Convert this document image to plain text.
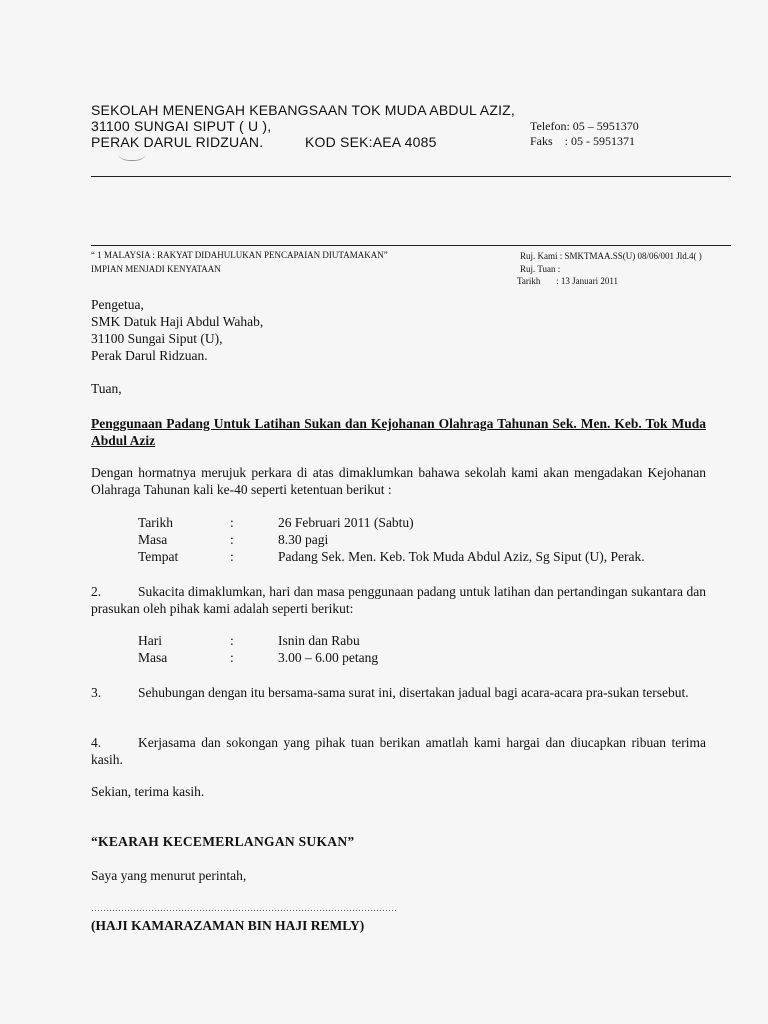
SEKOLAH MENENGAH KEBANGSAAN TOK MUDA ABDUL AZIZ,
31100 SUNGAI SIPUT ( U ),
PERAK DARUL RIDZUAN.	KOD SEK:AEA 4085
Telefon: 05 – 5951370
Faks    : 05 - 5951371
“ 1 MALAYSIA : RAKYAT DIDAHULUKAN PENCAPAIAN DIUTAMAKAN”
IMPIAN MENJADI KENYATAAN
Ruj. Kami : SMKTMAA.SS(U) 08/06/001 Jld.4( )
Ruj. Tuan :
Tarikh       : 13 Januari 2011
Pengetua,
SMK Datuk Haji Abdul Wahab,
31100 Sungai Siput (U),
Perak Darul Ridzuan.
Tuan,
Penggunaan Padang Untuk Latihan Sukan dan Kejohanan Olahraga Tahunan Sek. Men. Keb. Tok Muda Abdul Aziz
Dengan hormatnya merujuk perkara di atas dimaklumkan bahawa sekolah kami akan mengadakan Kejohanan Olahraga Tahunan kali ke-40 seperti ketentuan berikut :
Tarikh	:	26 Februari 2011 (Sabtu)
Masa	:	8.30 pagi
Tempat	:	Padang Sek. Men. Keb. Tok Muda Abdul Aziz, Sg Siput (U), Perak.
2.	Sukacita dimaklumkan, hari dan masa penggunaan padang untuk latihan dan pertandingan sukantara dan prasukan oleh pihak kami adalah seperti berikut:
Hari	:	Isnin dan Rabu
Masa	:	3.00 – 6.00 petang
3.	Sehubungan dengan itu bersama-sama surat ini, disertakan jadual bagi acara-acara pra-sukan tersebut.
4.	Kerjasama dan sokongan yang pihak tuan berikan amatlah kami hargai dan diucapkan ribuan terima kasih.
Sekian, terima kasih.
“KEARAH KECEMERLANGAN SUKAN”
Saya yang menurut perintah,
…………………………………………………………………………………………
(HAJI KAMARAZAMAN BIN HAJI REMLY)
